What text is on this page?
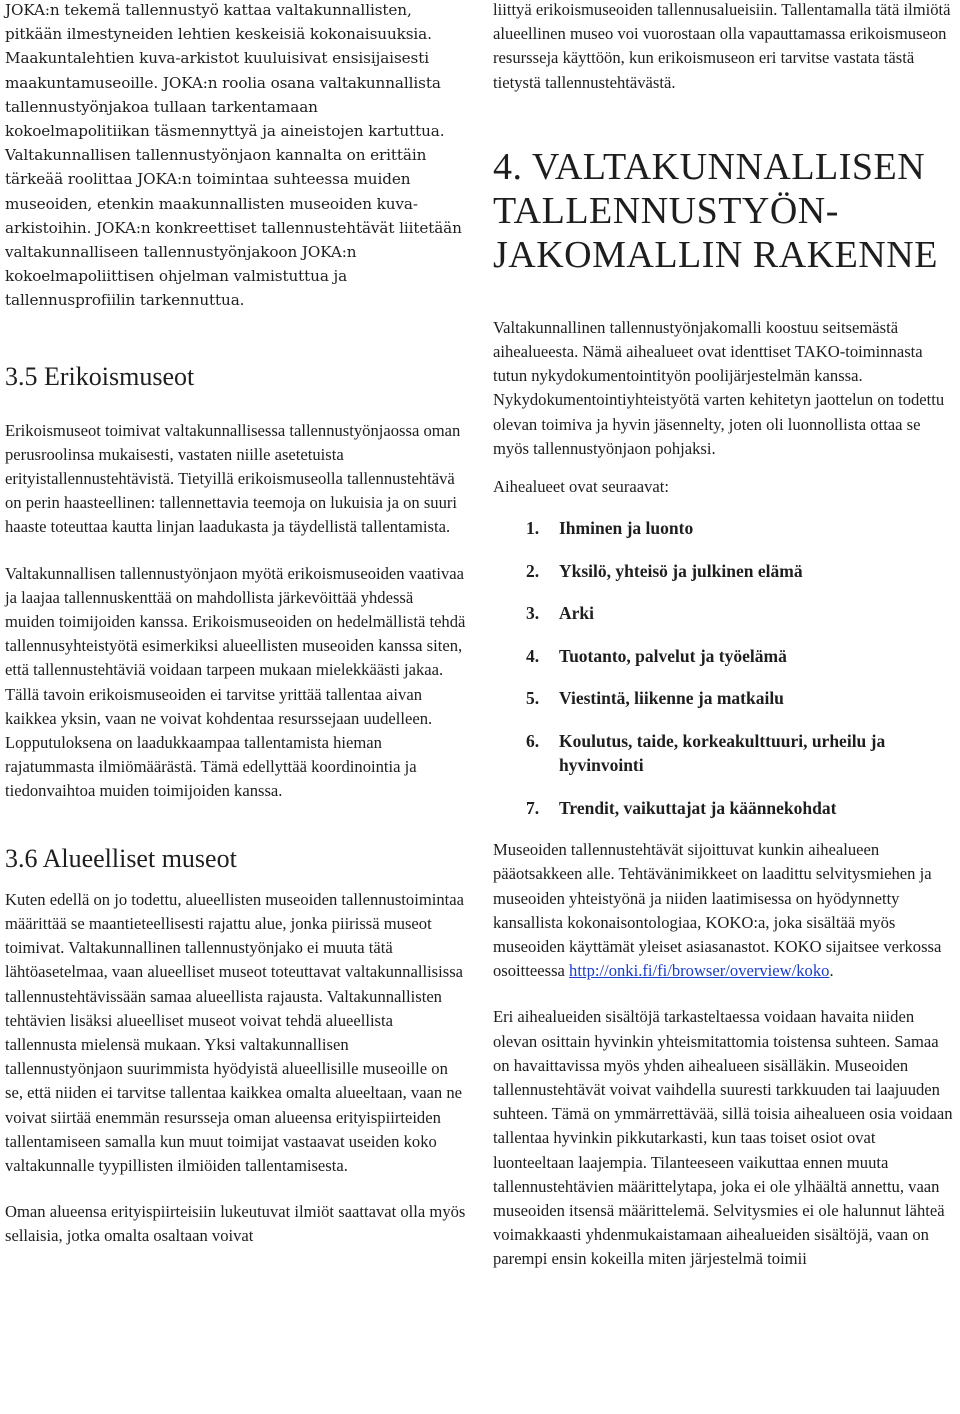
JOKA:n tekemä tallennustyö kattaa valtakunnallisten, pitkään ilmestyneiden lehtien keskeisiä kokonaisuuksia. Maakuntalehtien kuva-arkistot kuuluisivat ensisijaisesti maakuntamuseoille. JOKA:n roolia osana valtakunnallista tallennustyönjakoa tullaan tarkentamaan kokoelmapolitiikan täsmennyttyä ja aineistojen kartuttua. Valtakunnallisen tallennustyönjaon kannalta on erittäin tärkeää roolittaa JOKA:n toimintaa suhteessa muiden museoiden, etenkin maakunnallisten museoiden kuva-arkistoihin. JOKA:n konkreettiset tallennustehtävät liitetään valtakunnalliseen tallennustyönjakoon JOKA:n kokoelmapoliittisen ohjelman valmistuttua ja tallennusprofiilin tarkennuttua.

3.5 Erikoismuseot

Erikoismuseot toimivat valtakunnallisessa tallennustyönjaossa oman perusroolinsa mukaisesti, vastaten niille asetetuista erityistallennustehtävistä. Tietyillä erikoismuseolla tallennustehtävä on perin haasteellinen: tallennettavia teemoja on lukuisia ja on suuri haaste toteuttaa kautta linjan laadukasta ja täydellistä tallentamista.

Valtakunnallisen tallennustyönjaon myötä erikoismuseoiden vaativaa ja laajaa tallennuskenttää on mahdollista järkevöittää yhdessä muiden toimijoiden kanssa. Erikoismuseoiden on hedelmällistä tehdä tallennusyhteistyötä esimerkiksi alueellisten museoiden kanssa siten, että tallennustehtäviä voidaan tarpeen mukaan mielekkäästi jakaa. Tällä tavoin erikoismuseoiden ei tarvitse yrittää tallentaa aivan kaikkea yksin, vaan ne voivat kohdentaa resurssejaan uudelleen. Lopputuloksena on laadukkaampaa tallentamista hieman rajatummasta ilmiömäärästä. Tämä edellyttää koordinointia ja tiedonvaihtoa muiden toimijoiden kanssa.

3.6 Alueelliset museot

Kuten edellä on jo todettu, alueellisten museoiden tallennustoimintaa määrittää se maantieteellisesti rajattu alue, jonka piirissä museot toimivat. Valtakunnallinen tallennustyönjako ei muuta tätä lähtöasetelmaa, vaan alueelliset museot toteuttavat valtakunnallisissa tallennustehtävissään samaa alueellista rajausta. Valtakunnallisten tehtävien lisäksi alueelliset museot voivat tehdä alueellista tallennusta mielensä mukaan. Yksi valtakunnallisen tallennustyönjaon suurimmista hyödyistä alueellisille museoille on se, että niiden ei tarvitse tallentaa kaikkea omalta alueeltaan, vaan ne voivat siirtää enemmän resursseja oman alueensa erityispiirteiden tallentamiseen samalla kun muut toimijat vastaavat useiden koko valtakunnalle tyypillisten ilmiöiden tallentamisesta.

Oman alueensa erityispiirteisiin lukeutuvat ilmiöt saattavat olla myös sellaisia, jotka omalta osaltaan voivat

liittyä erikoismuseoiden tallennusalueisiin. Tallentamalla tätä ilmiötä alueellinen museo voi vuorostaan olla vapauttamassa erikoismuseon resursseja käyttöön, kun erikoismuseon eri tarvitse vastata tästä tietystä tallennustehtävästä.

4. VALTAKUNNALLISEN TALLENNUSTYÖN-JAKOMALLIN RAKENNE

Valtakunnallinen tallennustyönjakomalli koostuu seitsemästä aihealueesta. Nämä aihealueet ovat identtiset TAKO-toiminnasta tutun nykydokumentointityön poolijärjestelmän kanssa. Nykydokumentointiyhteistyötä varten kehitetyn jaottelun on todettu olevan toimiva ja hyvin jäsennelty, joten oli luonnollista ottaa se myös tallennustyönjaon pohjaksi.

Aihealueet ovat seuraavat:

1.	Ihminen ja luonto
2.	Yksilö, yhteisö ja julkinen elämä
3.	Arki
4.	Tuotanto, palvelut ja työelämä
5.	Viestintä, liikenne ja matkailu
6.	Koulutus, taide, korkeakulttuuri, urheilu ja hyvinvointi
7.	Trendit, vaikuttajat ja käännekohdat

Museoiden tallennustehtävät sijoittuvat kunkin aihealueen pääotsakkeen alle. Tehtävänimikkeet on laadittu selvitysmiehen ja museoiden yhteistyönä ja niiden laatimisessa on hyödynnetty kansallista kokonaisontologiaa, KOKO:a, joka sisältää myös museoiden käyttämät yleiset asiasanastot. KOKO sijaitsee verkossa osoitteessa http://onki.fi/fi/browser/overview/koko.

Eri aihealueiden sisältöjä tarkasteltaessa voidaan havaita niiden olevan osittain hyvinkin yhteismitattomia toistensa suhteen. Samaa on havaittavissa myös yhden aihealueen sisälläkin. Museoiden tallennustehtävät voivat vaihdella suuresti tarkkuuden tai laajuuden suhteen. Tämä on ymmärrettävää, sillä toisia aihealueen osia voidaan tallentaa hyvinkin pikkutarkasti, kun taas toiset osiot ovat luonteeltaan laajempia. Tilanteeseen vaikuttaa ennen muuta tallennustehtävien määrittelytapa, joka ei ole ylhäältä annettu, vaan museoiden itsensä määrittelemä. Selvitysmies ei ole halunnut lähteä voimakkaasti yhdenmukaistamaan aihealueiden sisältöjä, vaan on parempi ensin kokeilla miten järjestelmä toimii
